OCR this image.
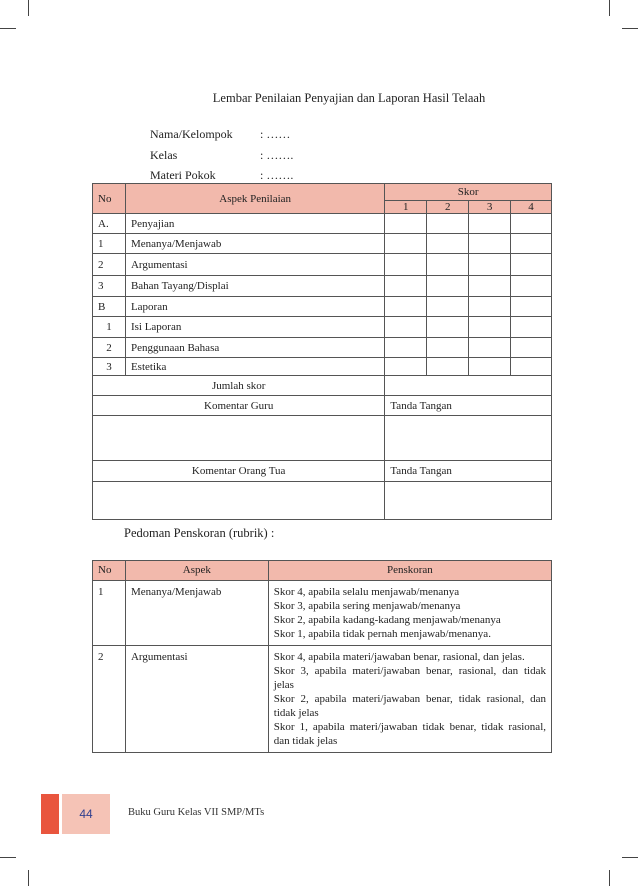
Lembar Penilaian Penyajian dan Laporan Hasil Telaah
Nama/Kelompok : ……
Kelas	: …….
Materi Pokok	: …….
No	Aspek Penilaian	Skor			
		1	2	3	4
A.	Penyajian				
1	Menanya/Menjawab				
2	Argumentasi				
3	Bahan Tayang/Displai				
B	Laporan				
1	Isi Laporan				
2	Penggunaan Bahasa				
3	Estetika				
Jumlah skor					
Komentar Guru		Tanda Tangan			

Komentar Orang Tua		Tanda Tangan			

Pedoman Penskoran (rubrik) :
No	Aspek	Penskoran
1	Menanya/Menjawab	Skor 4, apabila selalu menjawab/menanya
Skor 3, apabila sering menjawab/menanya
Skor 2, apabila kadang-kadang menjawab/menanya
Skor 1, apabila tidak pernah menjawab/menanya.

2	Argumentasi	Skor 4, apabila materi/jawaban benar, rasional, dan jelas.
Skor 3, apabila materi/jawaban benar, rasional, dan tidak jelas
Skor 2, apabila materi/jawaban benar, tidak rasional, dan tidak jelas
Skor 1, apabila materi/jawaban tidak benar, tidak rasional, dan tidak jelas
44	Buku Guru Kelas VII SMP/MTs
